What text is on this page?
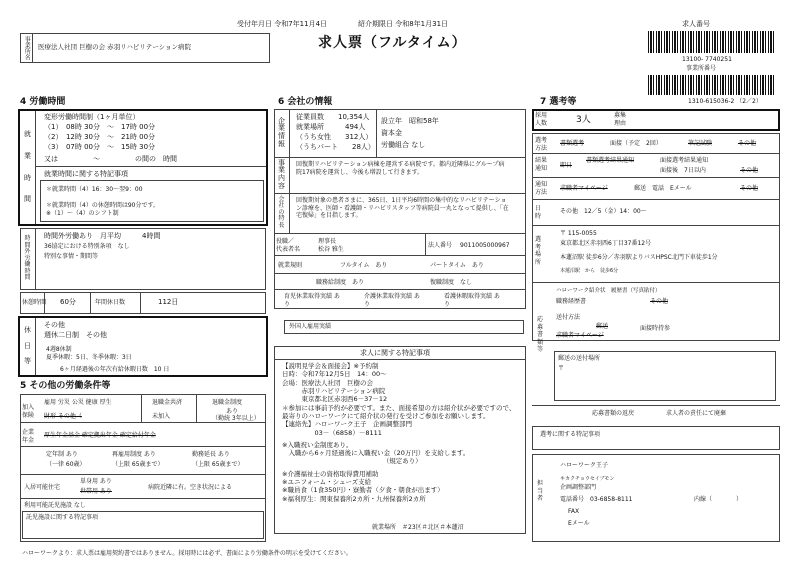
受付年月日 令和7年11月4日	紹介期限日 令和8年1月31日
求人票（フルタイム）
求人番号
13100- 7740251
事業所番号
事業所名 医療法人社団 巨樹の会 赤羽リハビリテーション病院
4 労働時間
就
業
時
間
変形労働時間制（1ヶ月単位）
（1）　08時 30分　～　17時 00分
（2）　12時 30分　～　21時 00分
（3）　07時 00分　～　15時 30分
又は　　　　　～　　　　　の間の　時間
就業時間に関する特記事項
＊就業時間（4）16：30～翌9：00
＊就業時間（4）の休憩時間は90分です。
※（1）～（4）のシフト制
時
間
外
労
働
時
間
時間外労働あり　月平均　　　4時間
36協定における特別条項　なし
特別な事情・期間等
休憩時間 60分	年間休日数	112日
休
日
等
その他
週休二日制　その他
4週8休制
夏季休暇：5日、冬季休暇：3日
6ヶ月経過後の年次有給休暇日数　10 日
5 その他の労働条件等
加入保険
雇用 労災 公災 健康 厚生
財形 その他（
退職金共済
未加入
退職金制度
あり
（勤続 3年以上）
企業年金
厚生年金基金 確定拠出年金 確定給付年金
定年制 あり
（一律 60歳）
再雇用制度 あり
（上限 65歳まで）
勤務延長 あり
（上限 65歳まで）
入居可能住宅
単身用 あり
世帯用 あり
病院近隣に有。空き状況による
利用可能託児施設 なし
託児施設に関する特記事項
6 会社の情報
企
業
情
報
従業員数　　10,354人
就業場所　　　494人
（うち女性　　312人）
（うちパート　　28人）
設立年　昭和58年
資本金
労働組合 なし
事
業
内
容
回復期リハビリテーション病棟を運営する病院です。都内近隣県にグループ病院17病院を運営し、今後も増設して行きます。
会
社
の
特
長
回復期対象の患者さまに、365日、1日平均6時間の集中的なリハビリテーション診療を、医師・看護師・リハビリスタッフ等病院員一丸となって提供し、「在宅復帰」を目指します。
役職／
代表者名
理事長
松谷 雅生
法人番号 9011005000967
就業規則	フルタイム　あり	パートタイム　あり
職務給制度　あり	復職制度　なし
育児休業取得実績 あり
介護休業取得実績 あり
看護休暇取得実績 あり
外国人雇用実績
求人に関する特記事項
【説明見学会＆面接会】※予約制
日時：令和7年12月5日　14：00～
会場：医療法人社団　巨樹の会
　　　赤羽リハビリテーション病院
　　　東京都北区赤羽西6－37－12
＊参加には事前予約が必要です。また、面接希望の方は紹介状が必要ですので、最寄りのハローワークにて紹介状の発行を受けご参加をお願いします。
【連絡先】ハローワーク王子　企画調整部門
　　　　　03－（6858）－8111
※入職祝い金制度あり。
　入職から6ヶ月経過後に入職祝い金（20万円）を支給します。
　　　　　　　　　　　　　　　　（規定あり）
※介護福祉士の資格取得費用補助
※ユニフォーム・シューズ支給
※職員食（1食350円）・寮勤者（夕食・朝食が出ます）
※福利厚生：関東保養所2カ所・九州保養所2カ所
就業場所　＃23区＃北区＃本蓮沼
7 選考等	1310-615036-2 （2／2）
採用人数	3人	募集理由
選考方法
書類選考	面接（予定　2回）	筆記試験	その他
結果通知	即日
書類選考結果通知	面接選考結果通知
面接後　7日以内	その他
通知方法	求職者マイページ	郵送　電話　Eメール	その他
日時
その他　12／5（金）14：00～
選考場所
〒 115-0055
東京都北区赤羽西6丁目37番12号
本蓮沼駅 徒歩6分／赤羽駅よりバスHPSC北門下車徒歩1分
本蓮沼駅　から　徒歩6分
応募書類等
ハローワーク紹介状　履歴書（写真貼付）
職務経歴書	その他
送付方法
郵送
求職者マイページ
面接時持参
郵送の送付場所
〒
応募書類の返戻	求人者の責任にて廃棄
選考に関する特記事項
担当者
ハローワーク王子
キカクチョウセイブモン
企画調整部門
電話番号　03-6858-8111	内線（　　　　）
FAX
Eメール
ハローワークより：求人票は雇用契約書ではありません。採用時には必ず、書面により労働条件の明示を受けてください。
